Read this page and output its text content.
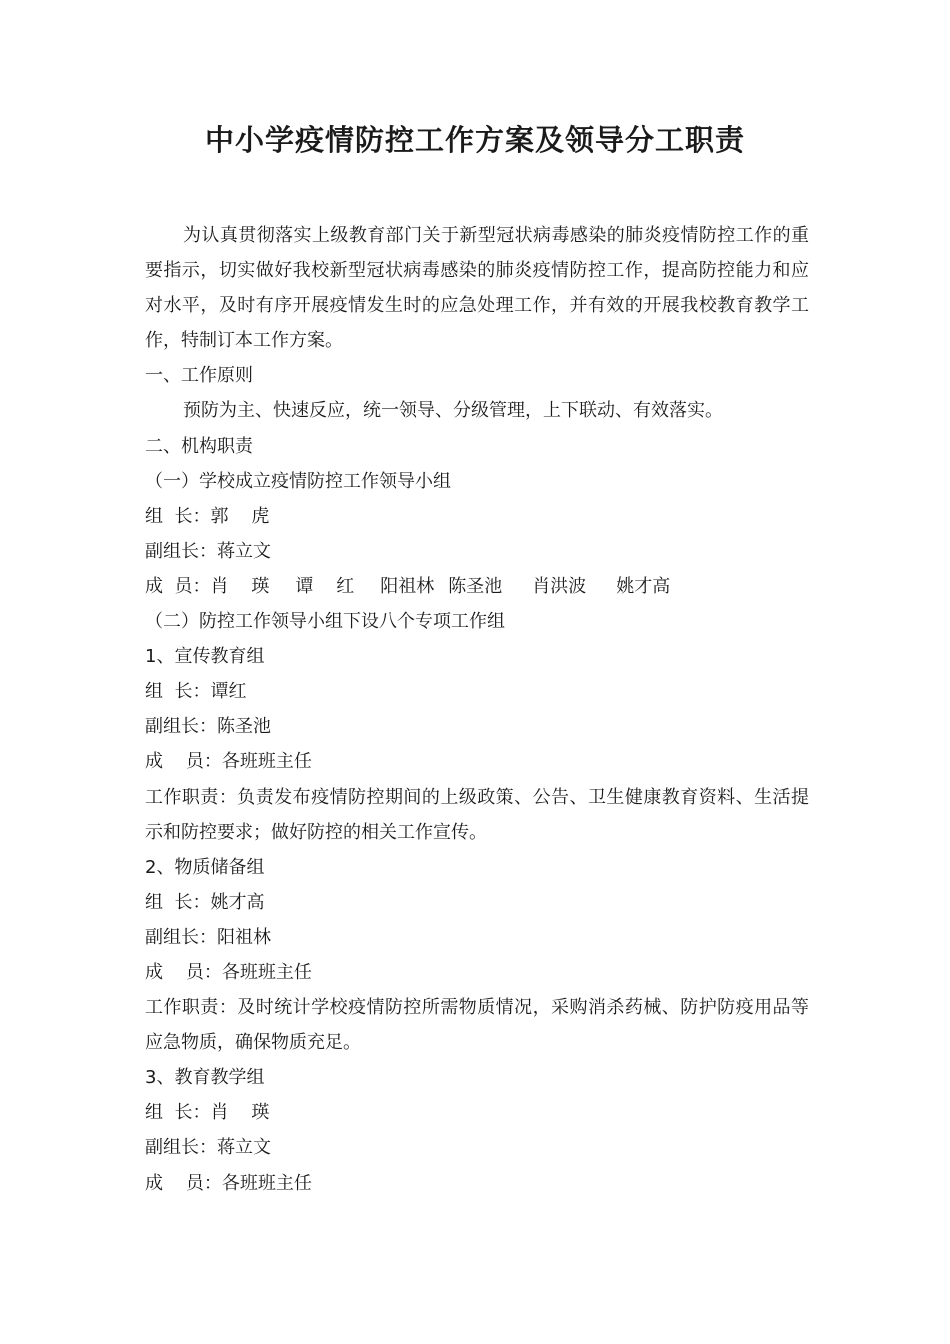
中小学疫情防控工作方案及领导分工职责

为认真贯彻落实上级教育部门关于新型冠状病毒感染的肺炎疫情防控工作的重要指示，切实做好我校新型冠状病毒感染的肺炎疫情防控工作，提高防控能力和应对水平，及时有序开展疫情发生时的应急处理工作，并有效的开展我校教育教学工作，特制订本工作方案。

一、工作原则

预防为主、快速反应，统一领导、分级管理，上下联动、有效落实。

二、机构职责

（一）学校成立疫情防控工作领导小组

组  长：郭    虎

副组长：蒋立文

成  员：肖    瑛 谭    红 阳祖林 陈圣池 肖洪波 姚才高

（二）防控工作领导小组下设八个专项工作组

1、宣传教育组

组  长：谭红

副组长：陈圣池

成    员：各班班主任

工作职责：负责发布疫情防控期间的上级政策、公告、卫生健康教育资料、生活提示和防控要求；做好防控的相关工作宣传。

2、物质储备组

组  长：姚才高

副组长：阳祖林

成    员：各班班主任

工作职责：及时统计学校疫情防控所需物质情况，采购消杀药械、防护防疫用品等应急物质，确保物质充足。

3、教育教学组

组  长：肖    瑛

副组长：蒋立文

成    员：各班班主任
